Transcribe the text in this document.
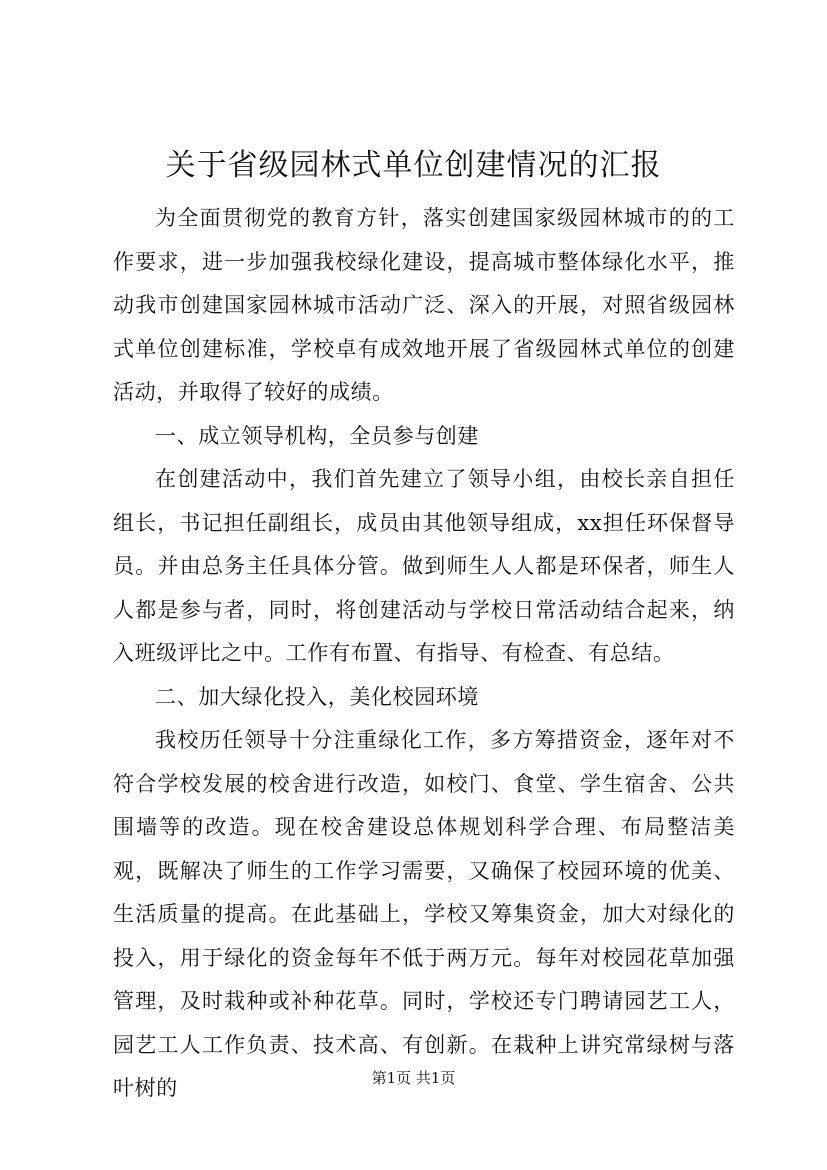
关于省级园林式单位创建情况的汇报

为全面贯彻党的教育方针，落实创建国家级园林城市的的工作要求，进一步加强我校绿化建设，提高城市整体绿化水平，推动我市创建国家园林城市活动广泛、深入的开展，对照省级园林式单位创建标准，学校卓有成效地开展了省级园林式单位的创建活动，并取得了较好的成绩。

一、成立领导机构，全员参与创建

在创建活动中，我们首先建立了领导小组，由校长亲自担任组长，书记担任副组长，成员由其他领导组成，xx担任环保督导员。并由总务主任具体分管。做到师生人人都是环保者，师生人人都是参与者，同时，将创建活动与学校日常活动结合起来，纳入班级评比之中。工作有布置、有指导、有检查、有总结。

二、加大绿化投入，美化校园环境

我校历任领导十分注重绿化工作，多方筹措资金，逐年对不符合学校发展的校舍进行改造，如校门、食堂、学生宿舍、公共围墙等的改造。现在校舍建设总体规划科学合理、布局整洁美观，既解决了师生的工作学习需要，又确保了校园环境的优美、生活质量的提高。在此基础上，学校又筹集资金，加大对绿化的投入，用于绿化的资金每年不低于两万元。每年对校园花草加强管理，及时栽种或补种花草。同时，学校还专门聘请园艺工人，园艺工人工作负责、技术高、有创新。在栽种上讲究常绿树与落叶树的	第1页 共1页
